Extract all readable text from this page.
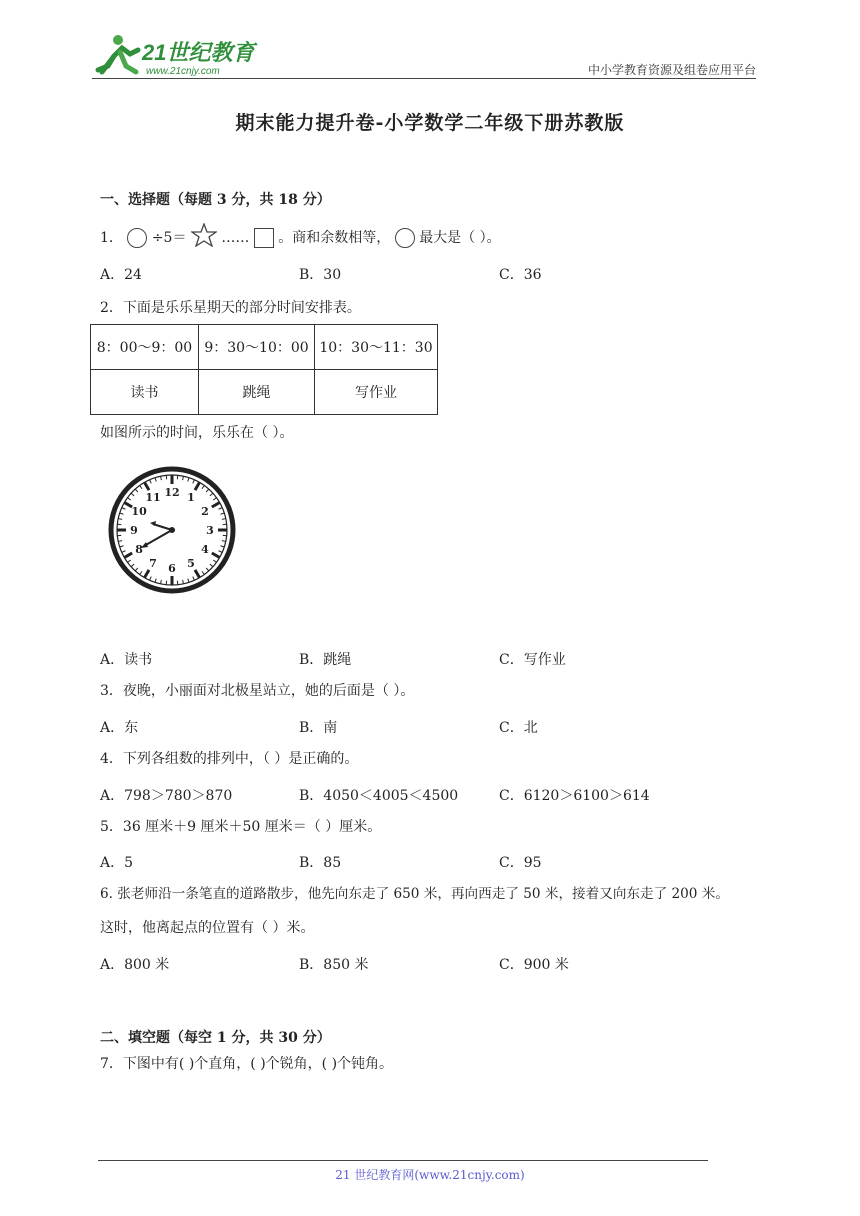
21世纪教育
www.21cnjy.com	中小学教育资源及组卷应用平台
期末能力提升卷-小学数学二年级下册苏教版
一、选择题（每题 3 分，共 18 分）
1． ÷5＝ …… 。商和余数相等， 最大是（ ）。
A．24	B．30	C．36
2．下面是乐乐星期天的部分时间安排表。
8：00～9：00	9：30～10：00	10：30～11：30
读书	跳绳	写作业
如图所示的时间，乐乐在（ ）。
12 1
2
3
4
5
6
7
8
9
10
11
A．读书	B．跳绳	C．写作业
3．夜晚，小丽面对北极星站立，她的后面是（ ）。
A．东	B．南	C．北
4．下列各组数的排列中，（ ）是正确的。
A．798＞780＞870	B．4050＜4005＜4500	C．6120＞6100＞614
5．36 厘米＋9 厘米＋50 厘米＝（ ）厘米。
A．5	B．85	C．95
6. 张老师沿一条笔直的道路散步，他先向东走了 650 米，再向西走了 50 米，接着又向东走了 200 米。
这时，他离起点的位置有（ ）米。
A．800 米	B．850 米	C．900 米
二、填空题（每空 1 分，共 30 分）
7．下图中有( )个直角，( )个锐角，( )个钝角。
21 世纪教育网(www.21cnjy.com)
